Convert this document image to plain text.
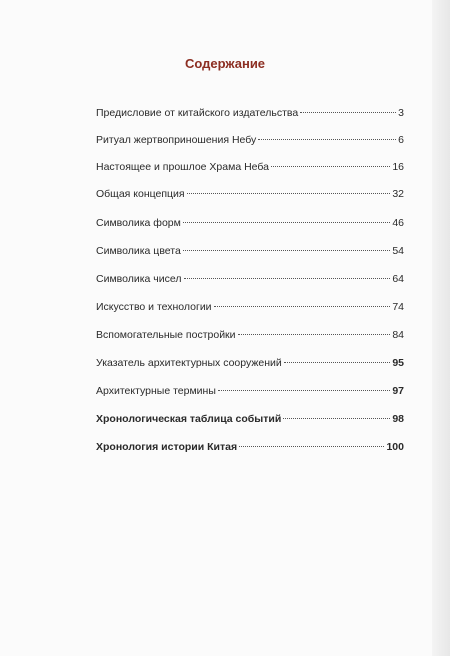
Содержание
Предисловие от китайского издательства	3
Ритуал жертвоприношения Небу	6
Настоящее и прошлое Храма Неба	16
Общая концепция	32
Символика форм	46
Символика цвета	54
Символика чисел	64
Искусство и технологии	74
Вспомогательные постройки	84
Указатель архитектурных сооружений	95
Архитектурные термины	97
Хронологическая таблица событий	98
Хронология истории Китая	100
